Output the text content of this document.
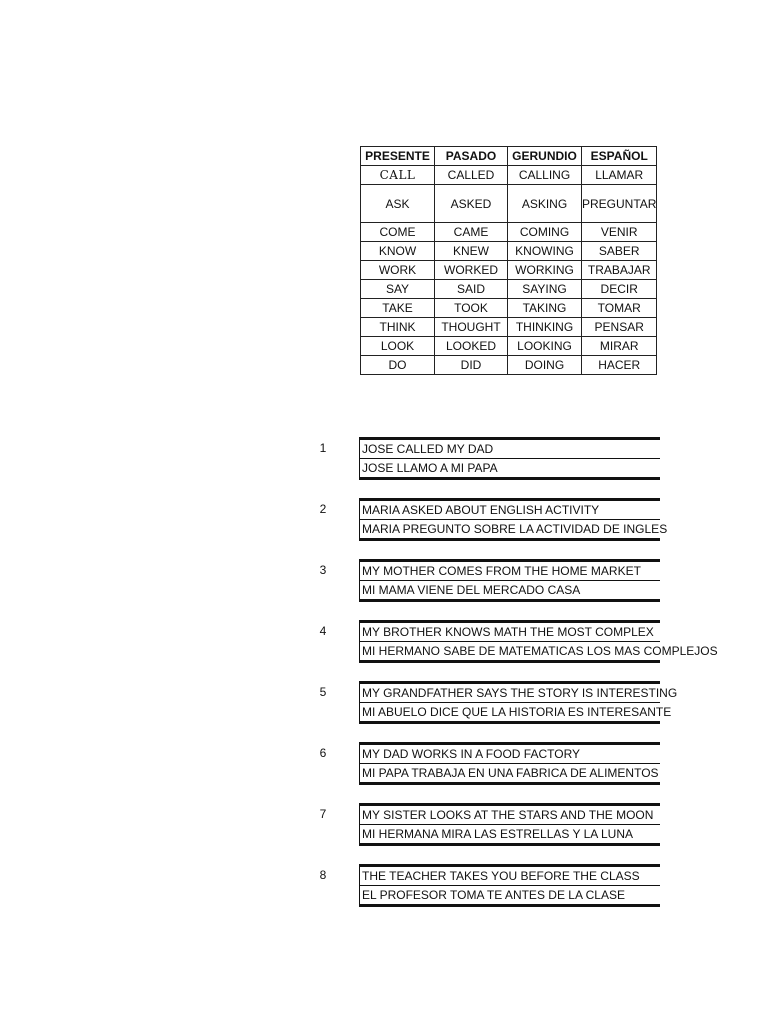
PRESENTE	PASADO	GERUNDIO	ESPAÑOL
CALL	CALLED	CALLING	LLAMAR
ASK	ASKED	ASKING	PREGUNTAR
COME	CAME	COMING	VENIR
KNOW	KNEW	KNOWING	SABER
WORK	WORKED	WORKING	TRABAJAR
SAY	SAID	SAYING	DECIR
TAKE	TOOK	TAKING	TOMAR
THINK	THOUGHT	THINKING	PENSAR
LOOK	LOOKED	LOOKING	MIRAR
DO	DID	DOING	HACER
1	JOSE CALLED MY DAD
JOSE LLAMO A MI PAPA
2	MARIA ASKED ABOUT ENGLISH ACTIVITY
MARIA PREGUNTO SOBRE LA ACTIVIDAD DE INGLES
3	MY MOTHER COMES FROM THE HOME MARKET
MI MAMA VIENE DEL MERCADO CASA
4	MY BROTHER KNOWS MATH THE MOST COMPLEX
MI HERMANO SABE DE MATEMATICAS LOS MAS COMPLEJOS
5	MY GRANDFATHER SAYS THE STORY IS INTERESTING
MI ABUELO DICE QUE LA HISTORIA ES INTERESANTE
6	MY DAD WORKS IN A FOOD FACTORY
MI PAPA TRABAJA EN UNA FABRICA DE ALIMENTOS
7	MY SISTER LOOKS AT THE STARS AND THE MOON
MI HERMANA MIRA LAS ESTRELLAS Y LA LUNA
8	THE TEACHER TAKES YOU BEFORE THE CLASS
EL PROFESOR TOMA TE ANTES DE LA CLASE
